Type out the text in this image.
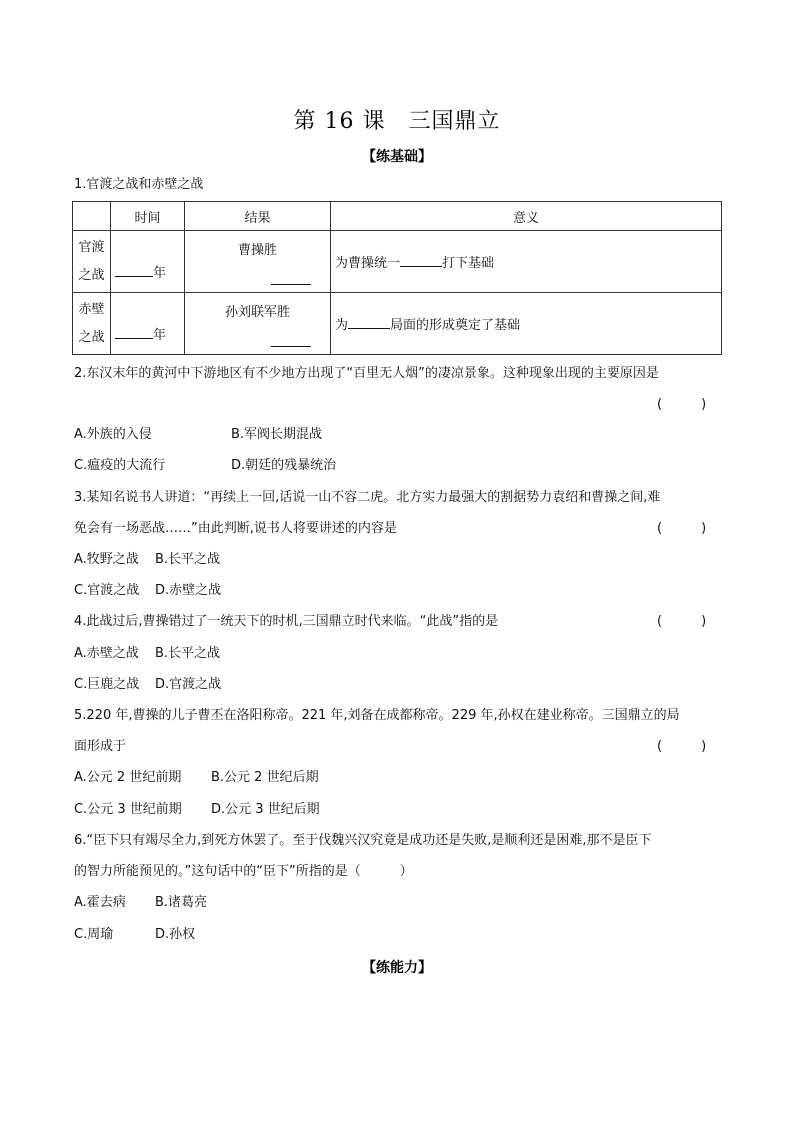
第 16 课　三国鼎立
【练基础】
1.官渡之战和赤壁之战
	时间	结果	意义
官渡之战	年	曹操胜	为曹操统一 打下基础

赤壁之战	年	孙刘联军胜	为 局面的形成奠定了基础
2.东汉末年的黄河中下游地区有不少地方出现了“百里无人烟”的凄凉景象。这种现象出现的主要原因是
(　　　)
A.外族的入侵	B.军阀长期混战
C.瘟疫的大流行	D.朝廷的残暴统治
3.某知名说书人讲道：“再续上一回,话说一山不容二虎。北方实力最强大的割据势力袁绍和曹操之间,难
免会有一场恶战……”由此判断,说书人将要讲述的内容是	(　　　)
A.牧野之战 B.长平之战
C.官渡之战 D.赤壁之战
4.此战过后,曹操错过了一统天下的时机,三国鼎立时代来临。“此战”指的是	(　　　)
A.赤壁之战 B.长平之战
C.巨鹿之战 D.官渡之战
5.220 年,曹操的儿子曹丕在洛阳称帝。221 年,刘备在成都称帝。229 年,孙权在建业称帝。三国鼎立的局
面形成于	(　　　)
A.公元 2 世纪前期 B.公元 2 世纪后期
C.公元 3 世纪前期 D.公元 3 世纪后期
6.“臣下只有竭尽全力,到死方休罢了。至于伐魏兴汉究竟是成功还是失败,是顺利还是困难,那不是臣下
的智力所能预见的。”这句话中的“臣下”所指的是（　　　）
A.霍去病 B.诸葛亮
C.周瑜	D.孙权
【练能力】
